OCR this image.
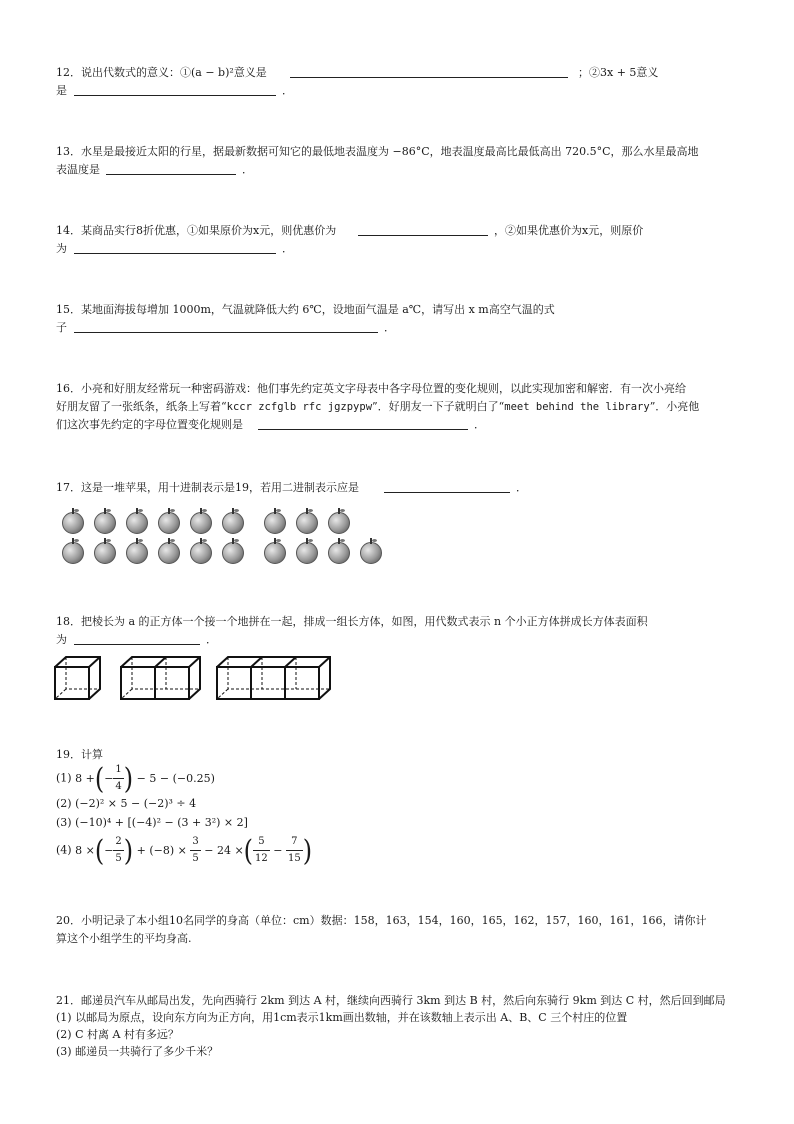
12．说出代数式的意义：①(a − b)²意义是	；②3x + 5意义
是	．
13．水星是最接近太阳的行星，据最新数据可知它的最低地表温度为 −86°C，地表温度最高比最低高出 720.5°C，那么水星最高地
表温度是	．
14．某商品实行8折优惠，①如果原价为x元，则优惠价为	，②如果优惠价为x元，则原价
为	．
15．某地面海拔每增加 1000m，气温就降低大约 6℃，设地面气温是 a℃，请写出 x m高空气温的式
子	．
16．小亮和好朋友经常玩一种密码游戏：他们事先约定英文字母表中各字母位置的变化规则，以此实现加密和解密．有一次小亮给
好朋友留了一张纸条，纸条上写着“kccr zcfglb rfc jgzpypw”．好朋友一下子就明白了“meet behind the library”．小亮他
们这次事先约定的字母位置变化规则是	．
17．这是一堆苹果，用十进制表示是19，若用二进制表示应是	．
18．把棱长为 a 的正方体一个接一个地拼在一起，排成一组长方体，如图，用代数式表示 n 个小正方体拼成长方体表面积
为	．
19．计算
(1) 8 +(− $\frac{1}{4}$ ) − 5 − (−0.25)
(2) (−2)² × 5 − (−2)³ ÷ 4
(3) (−10)⁴ + [(−4)² − (3 + 3²) × 2]
(4) 8 ×(− $\frac{2}{5}$ ) + $(-8) \times \frac{3}{5} - 24$ ×( $\frac{5}{12} - \frac{7}{15}$ )
20．小明记录了本小组10名同学的身高（单位：cm）数据：158，163，154，160，165，162，157，160，161，166，请你计
算这个小组学生的平均身高.
21．邮递员汽车从邮局出发，先向西骑行 2km 到达 A 村，继续向西骑行 3km 到达 B 村，然后向东骑行 9km 到达 C 村，然后回到邮局
(1) 以邮局为原点，设向东方向为正方向，用1cm表示1km画出数轴，并在该数轴上表示出 A、B、C 三个村庄的位置
(2) C 村离 A 村有多远？
(3) 邮递员一共骑行了多少千米？
